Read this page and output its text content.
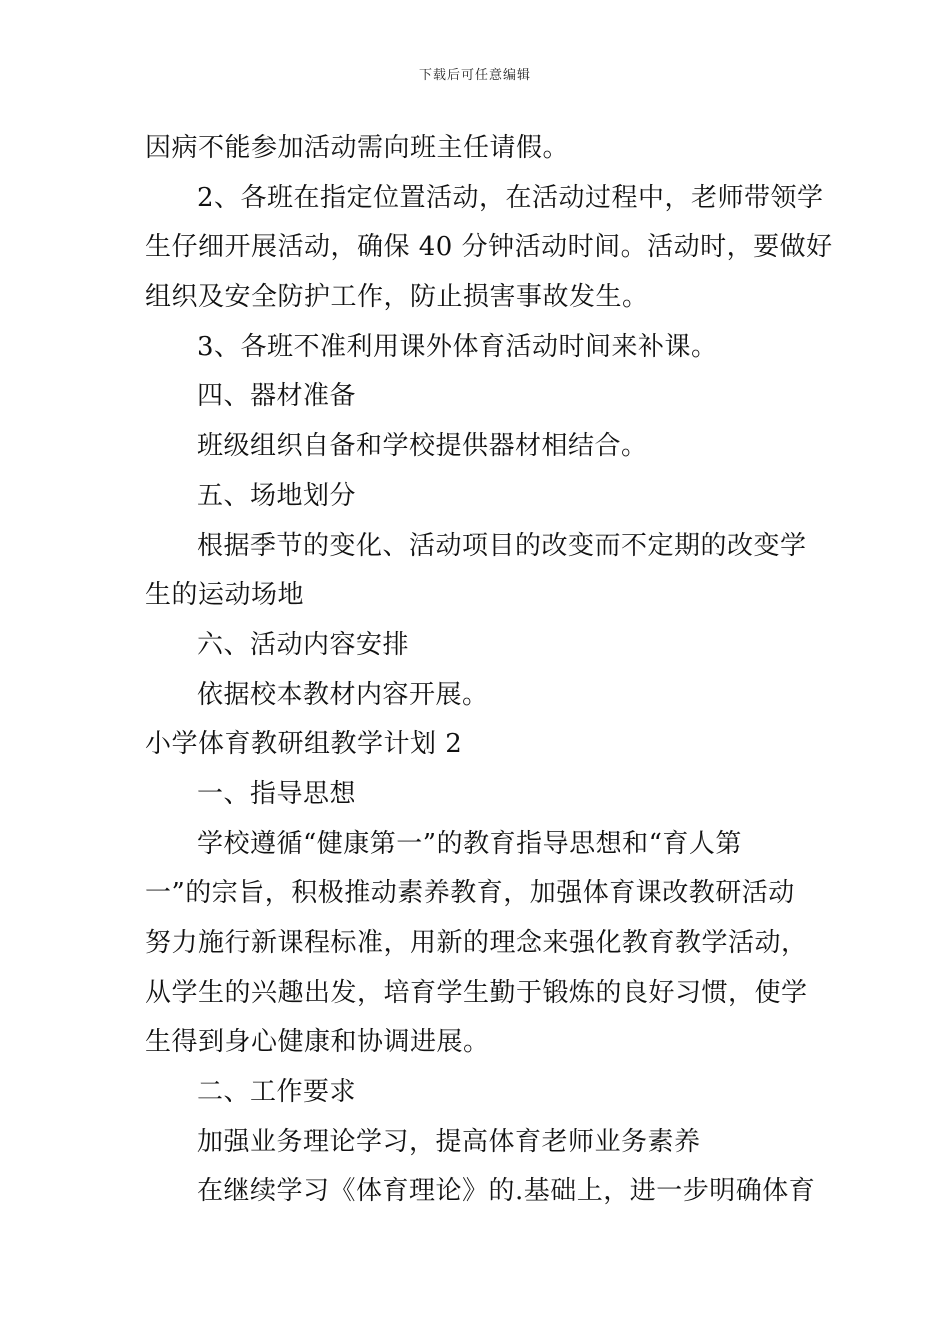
下载后可任意编辑
因病不能参加活动需向班主任请假。
2、各班在指定位置活动，在活动过程中，老师带领学
生仔细开展活动，确保 40 分钟活动时间。活动时，要做好
组织及安全防护工作，防止损害事故发生。
3、各班不准利用课外体育活动时间来补课。
四、器材准备
班级组织自备和学校提供器材相结合。
五、场地划分
根据季节的变化、活动项目的改变而不定期的改变学
生的运动场地
六、活动内容安排
依据校本教材内容开展。
小学体育教研组教学计划 2
一、指导思想
学校遵循“健康第一”的教育指导思想和“育人第
一”的宗旨，积极推动素养教育，加强体育课改教研活动
努力施行新课程标准，用新的理念来强化教育教学活动，
从学生的兴趣出发，培育学生勤于锻炼的良好习惯，使学
生得到身心健康和协调进展。
二、工作要求
加强业务理论学习，提高体育老师业务素养
在继续学习《体育理论》的.基础上，进一步明确体育
